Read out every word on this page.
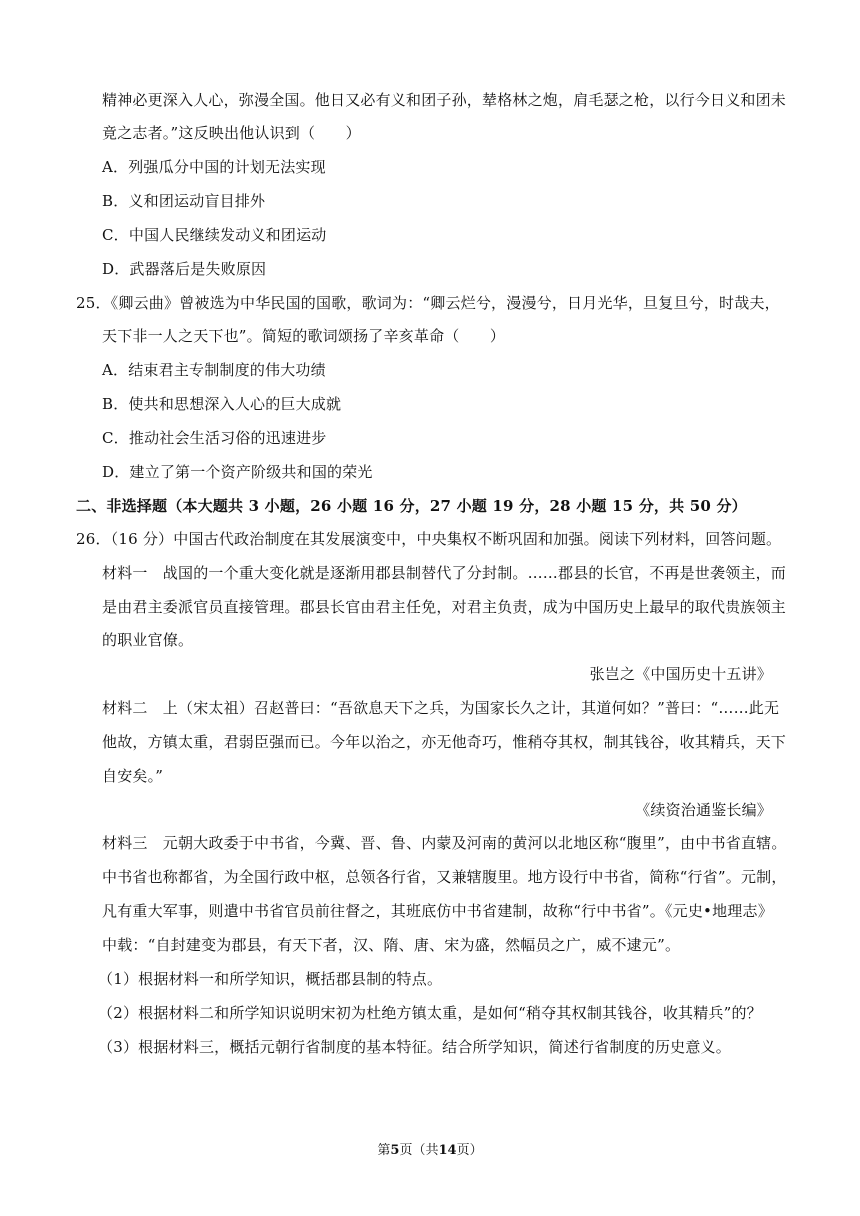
精神必更深入人心，弥漫全国。他日又必有义和团子孙，辇格林之炮，肩毛瑟之枪，以行今日义和团未
竟之志者。”这反映出他认识到（　　）
A．列强瓜分中国的计划无法实现
B．义和团运动盲目排外
C．中国人民继续发动义和团运动
D．武器落后是失败原因
25．《卿云曲》曾被选为中华民国的国歌，歌词为：“卿云烂兮，漫漫兮，日月光华，旦复旦兮，时哉夫，
天下非一人之天下也”。简短的歌词颂扬了辛亥革命（　　）
A．结束君主专制制度的伟大功绩
B．使共和思想深入人心的巨大成就
C．推动社会生活习俗的迅速进步
D．建立了第一个资产阶级共和国的荣光
二、非选择题（本大题共 3 小题，26 小题 16 分，27 小题 19 分，28 小题 15 分，共 50 分）
26．（16 分）中国古代政治制度在其发展演变中，中央集权不断巩固和加强。阅读下列材料，回答问题。
材料一　战国的一个重大变化就是逐渐用郡县制替代了分封制。……郡县的长官，不再是世袭领主，而
是由君主委派官员直接管理。郡县长官由君主任免，对君主负责，成为中国历史上最早的取代贵族领主
的职业官僚。
张岂之《中国历史十五讲》
材料二　上（宋太祖）召赵普曰：“吾欲息天下之兵，为国家长久之计，其道何如？”普曰：“……此无
他故，方镇太重，君弱臣强而已。今年以治之，亦无他奇巧，惟稍夺其权，制其钱谷，收其精兵，天下
自安矣。”
《续资治通鉴长编》
材料三　元朝大政委于中书省，今冀、晋、鲁、内蒙及河南的黄河以北地区称“腹里”，由中书省直辖。
中书省也称都省，为全国行政中枢，总领各行省，又兼辖腹里。地方设行中书省，简称“行省”。元制，
凡有重大军事，则遣中书省官员前往督之，其班底仿中书省建制，故称“行中书省”。《元史•地理志》
中载：“自封建变为郡县，有天下者，汉、隋、唐、宋为盛，然幅员之广，威不逮元”。
（1）根据材料一和所学知识，概括郡县制的特点。
（2）根据材料二和所学知识说明宋初为杜绝方镇太重，是如何“稍夺其权制其钱谷，收其精兵”的？
（3）根据材料三，概括元朝行省制度的基本特征。结合所学知识，简述行省制度的历史意义。
第5页（共14页）
